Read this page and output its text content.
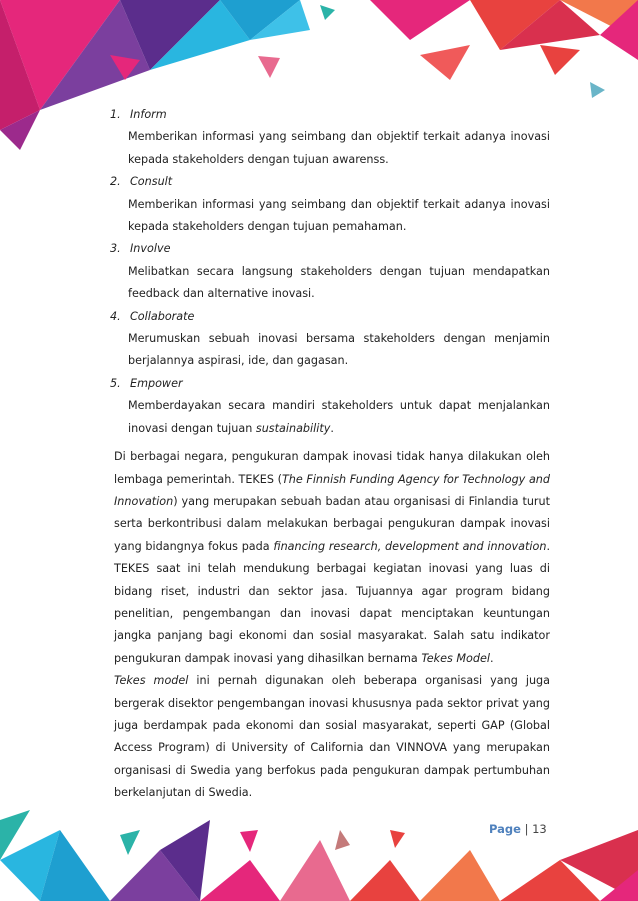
1. Inform
Memberikan informasi yang seimbang dan objektif terkait adanya inovasi kepada stakeholders dengan tujuan awarenss.
2. Consult
Memberikan informasi yang seimbang dan objektif terkait adanya inovasi kepada stakeholders dengan tujuan pemahaman.
3. Involve
Melibatkan secara langsung stakeholders dengan tujuan mendapatkan feedback dan alternative inovasi.
4. Collaborate
Merumuskan sebuah inovasi bersama stakeholders dengan menjamin berjalannya aspirasi, ide, dan gagasan.
5. Empower
Memberdayakan secara mandiri stakeholders untuk dapat menjalankan inovasi dengan tujuan sustainability.

Di berbagai negara, pengukuran dampak inovasi tidak hanya dilakukan oleh lembaga pemerintah. TEKES (The Finnish Funding Agency for Technology and Innovation) yang merupakan sebuah badan atau organisasi di Finlandia turut serta berkontribusi dalam melakukan berbagai pengukuran dampak inovasi yang bidangnya fokus pada financing research, development and innovation. TEKES saat ini telah mendukung berbagai kegiatan inovasi yang luas di bidang riset, industri dan sektor jasa. Tujuannya agar program bidang penelitian, pengembangan dan inovasi dapat menciptakan keuntungan jangka panjang bagi ekonomi dan sosial masyarakat. Salah satu indikator pengukuran dampak inovasi yang dihasilkan bernama Tekes Model.

Tekes model ini pernah digunakan oleh beberapa organisasi yang juga bergerak disektor pengembangan inovasi khususnya pada sektor privat yang juga berdampak pada ekonomi dan sosial masyarakat, seperti GAP (Global Access Program) di University of California dan VINNOVA yang merupakan organisasi di Swedia yang berfokus pada pengukuran dampak pertumbuhan berkelanjutan di Swedia.

Page | 13
